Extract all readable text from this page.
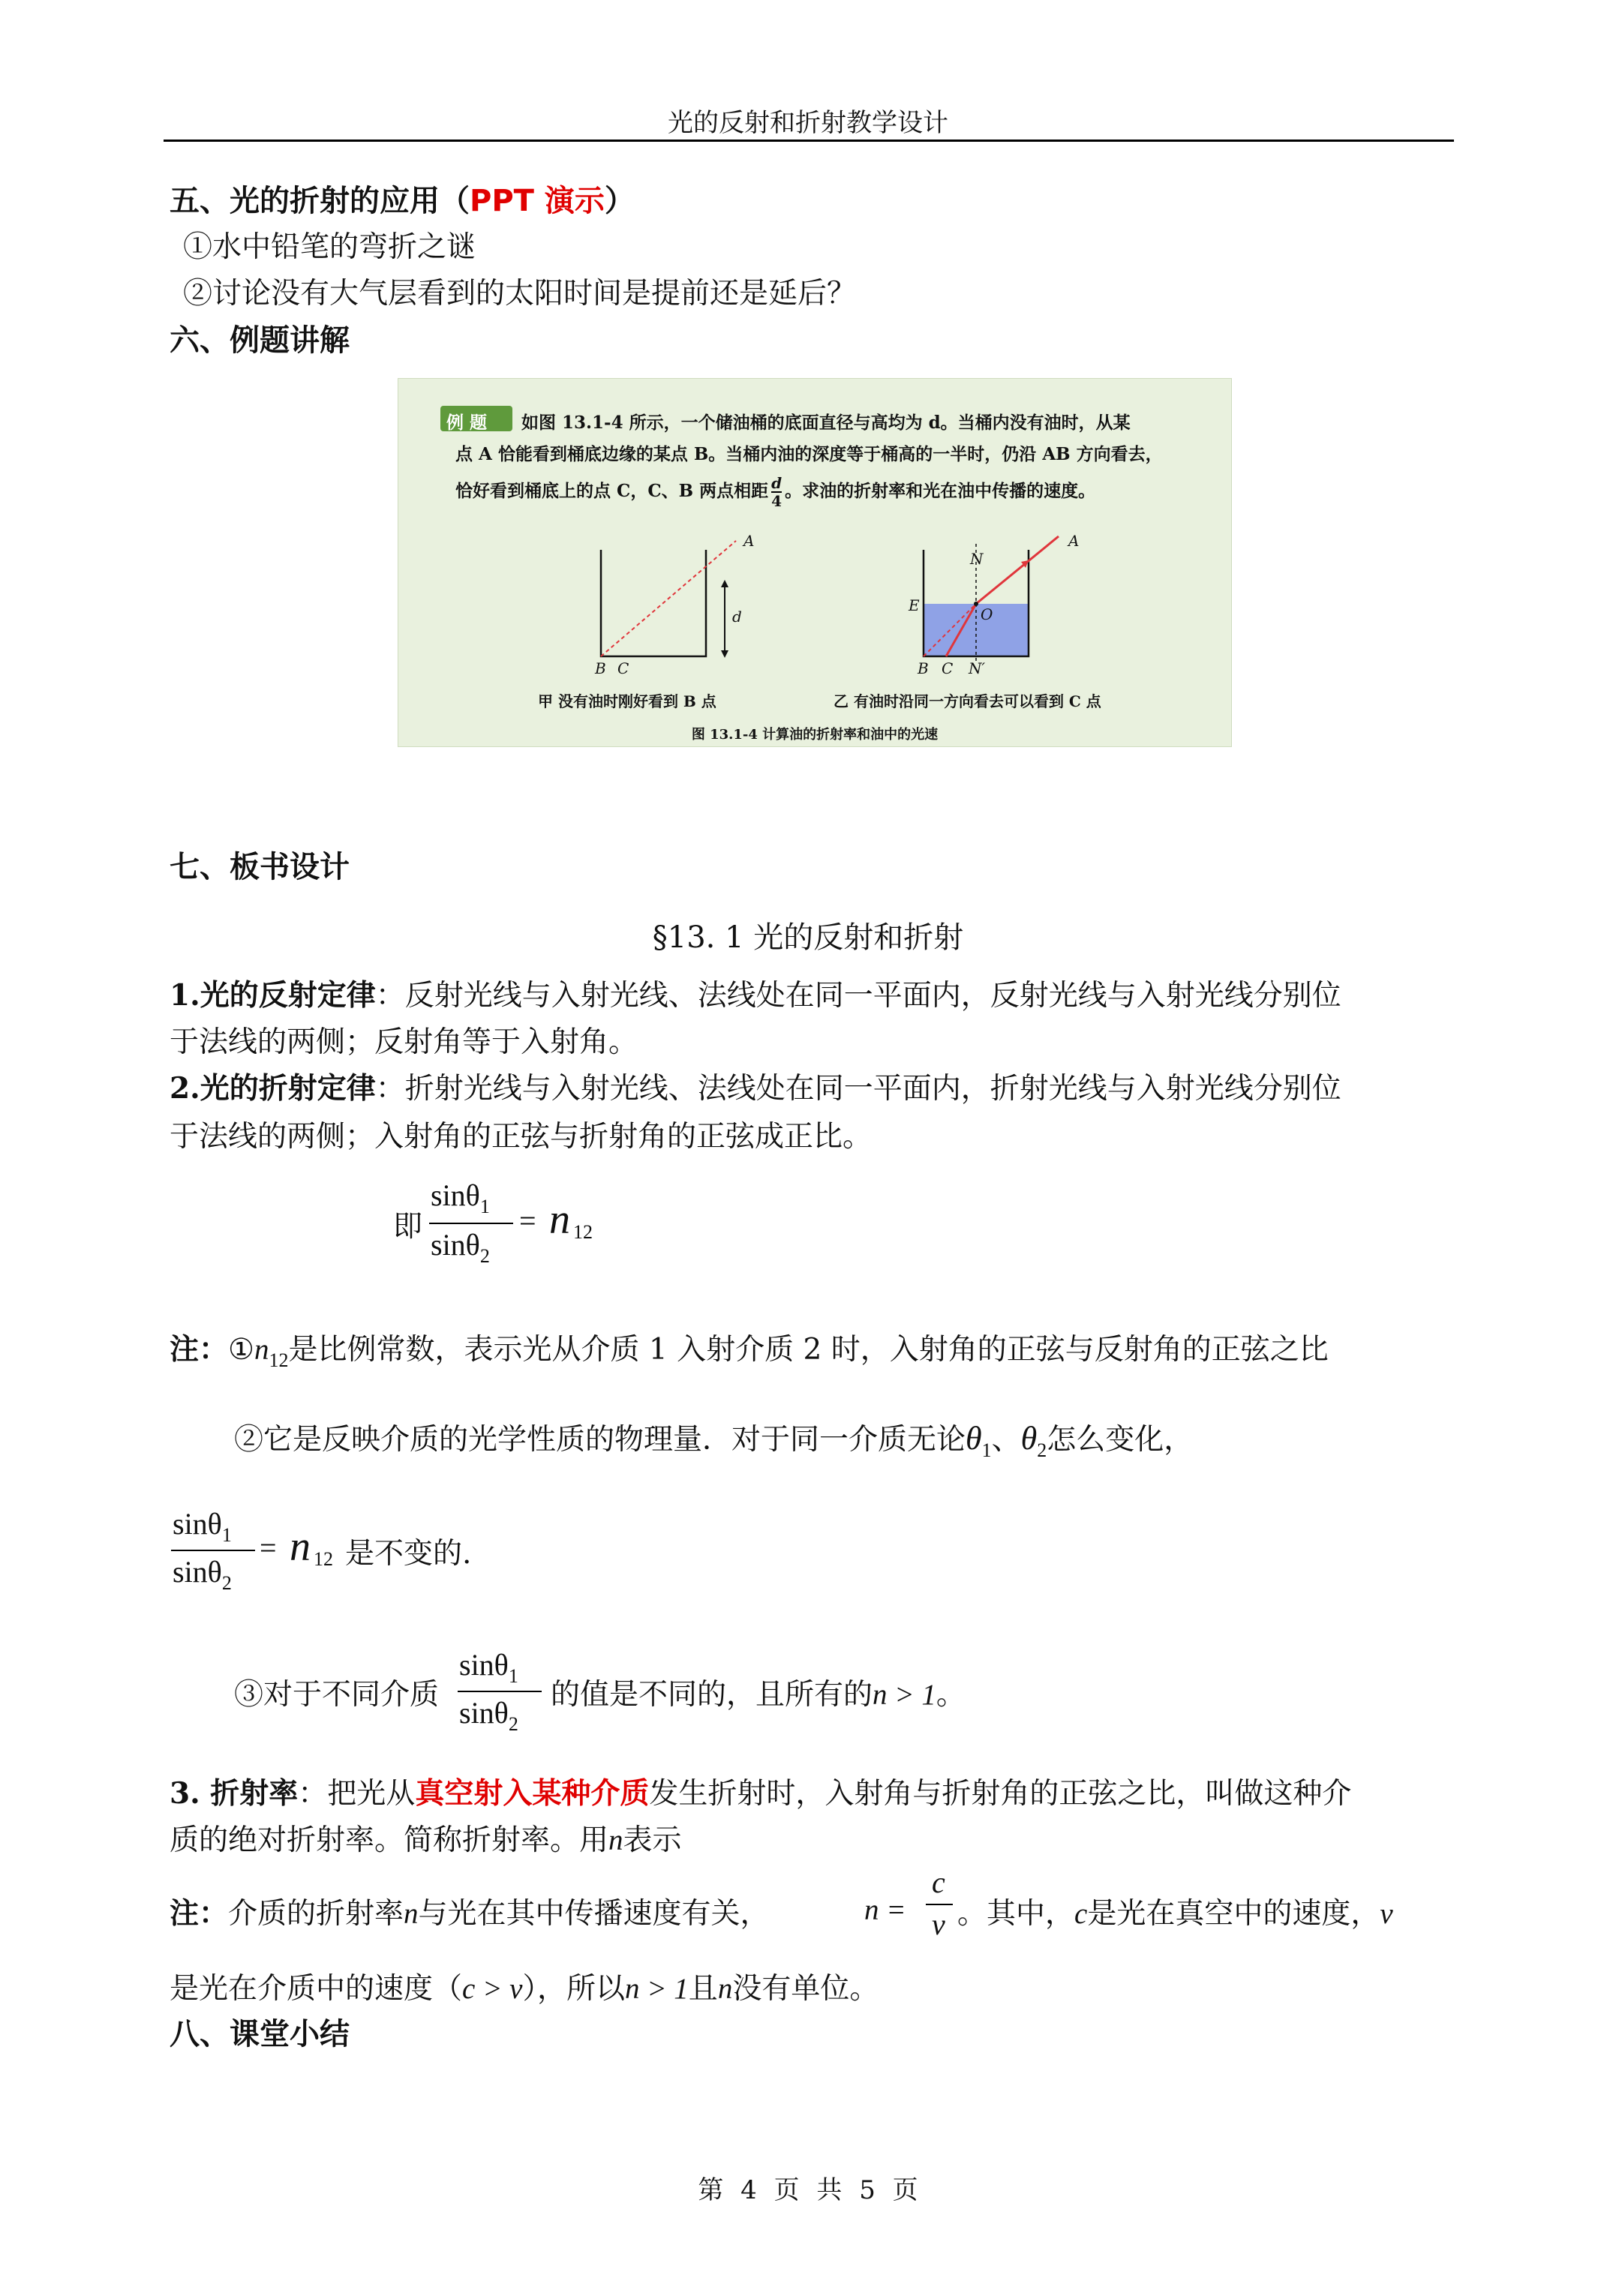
光的反射和折射教学设计
五、光的折射的应用（PPT 演示）
①水中铅笔的弯折之谜
②讨论没有大气层看到的太阳时间是提前还是延后？
六、例题讲解
例 题 如图 13.1-4 所示，一个储油桶的底面直径与高均为 d。当桶内没有油时，从某
点 A 恰能看到桶底边缘的某点 B。当桶内油的深度等于桶高的一半时，仍沿 AB 方向看去，
恰好看到桶底上的点 C，C、B 两点相距 $\frac{d}{4}$ 。求油的折射率和光在油中传播的速度。
A
d
B C
A
N
E	O
B C N′
甲 没有油时刚好看到 B 点	乙 有油时沿同一方向看去可以看到 C 点
图 13.1-4 计算油的折射率和油中的光速
七、板书设计
§13. 1 光的反射和折射
1.光的反射定律：反射光线与入射光线、法线处在同一平面内，反射光线与入射光线分别位
于法线的两侧；反射角等于入射角。
2.光的折射定律：折射光线与入射光线、法线处在同一平面内，折射光线与入射光线分别位
于法线的两侧；入射角的正弦与折射角的正弦成正比。
即
sinθ$_1$
sinθ$_2$
= n 12
注：$①n_{12}$是比例常数，表示光从介质 1 入射介质 2 时，入射角的正弦与反射角的正弦之比
②它是反映介质的光学性质的物理量．对于同一介质无论$\theta_1$、$\theta_2$怎么变化，
sinθ$_1$
sinθ$_2$
= n 12 是不变的.
③对于不同介质
sinθ$_1$
sinθ$_2$
的值是不同的，且所有的n > 1。
3. 折射率：把光从真空射入某种介质发生折射时，入射角与折射角的正弦之比，叫做这种介
质的绝对折射率。简称折射率。用n表示
注：介质的折射率n与光在其中传播速度有关，	n =
c
v 。其中，c是光在真空中的速度，v
是光在介质中的速度（c > v），所以n > 1且n没有单位。
八、课堂小结
第 4 页 共 5 页
